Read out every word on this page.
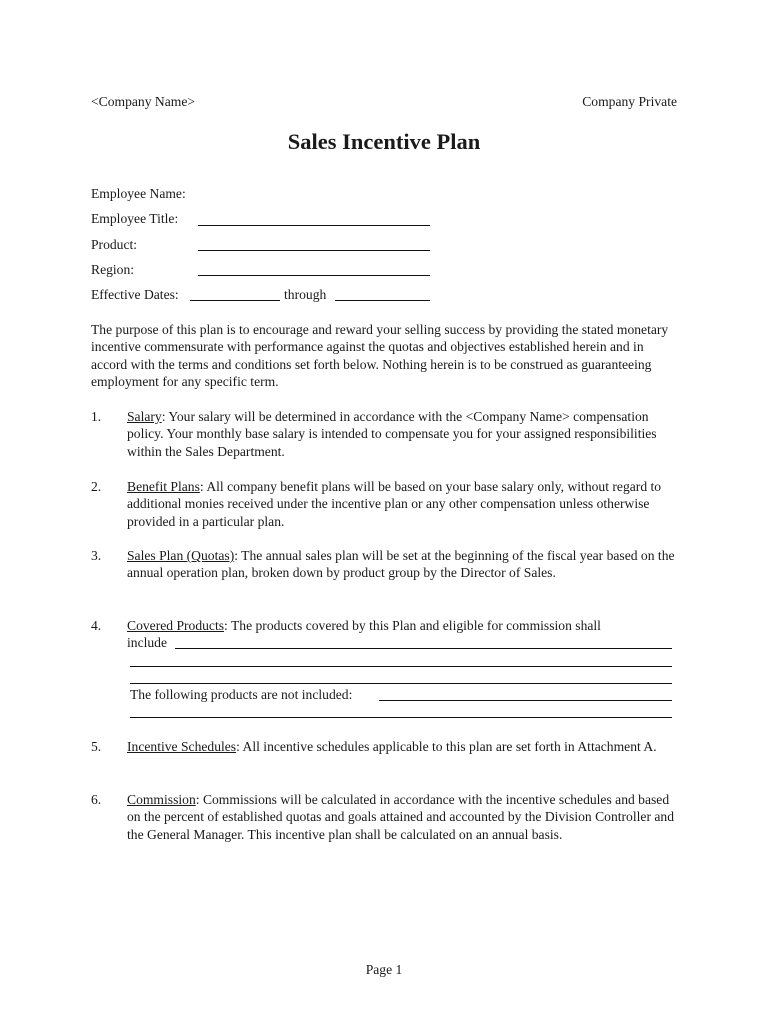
<Company Name>	Company Private
Sales Incentive Plan
Employee Name:
Employee Title:
Product:
Region:
Effective Dates:	through
The purpose of this plan is to encourage and reward your selling success by providing the stated monetary incentive commensurate with performance against the quotas and objectives established herein and in accord with the terms and conditions set forth below. Nothing herein is to be construed as guaranteeing employment for any specific term.
1. Salary: Your salary will be determined in accordance with the <Company Name> compensation policy. Your monthly base salary is intended to compensate you for your assigned responsibilities within the Sales Department.
2. Benefit Plans: All company benefit plans will be based on your base salary only, without regard to additional monies received under the incentive plan or any other compensation unless otherwise provided in a particular plan.
3. Sales Plan (Quotas): The annual sales plan will be set at the beginning of the fiscal year based on the annual operation plan, broken down by product group by the Director of Sales.
4. Covered Products: The products covered by this Plan and eligible for commission shall
include
The following products are not included:
5. Incentive Schedules: All incentive schedules applicable to this plan are set forth in Attachment A.
6. Commission: Commissions will be calculated in accordance with the incentive schedules and based on the percent of established quotas and goals attained and accounted by the Division Controller and the General Manager. This incentive plan shall be calculated on an annual basis.
Page 1
